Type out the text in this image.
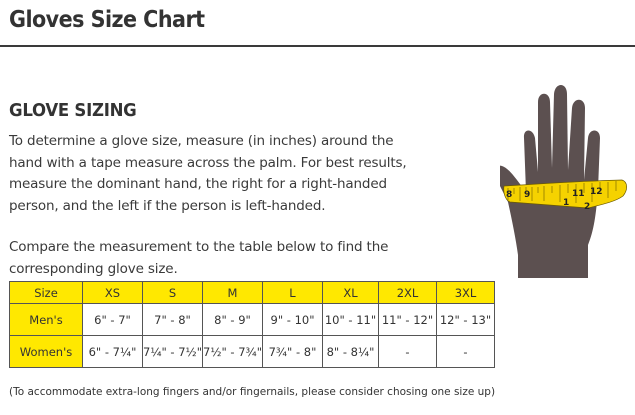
Gloves Size Chart
GLOVE SIZING

To determine a glove size, measure (in inches) around the
hand with a tape measure across the palm. For best results,
measure the dominant hand, the right for a right-handed
person, and the left if the person is left-handed.

Compare the measurement to the table below to find the
corresponding glove size.

8 9	11 12
1 2
Size	XS	S	M	L	XL	2XL	3XL
Men's	6" - 7"	7" - 8"	8" - 9"	9" - 10"	10" - 11"	11" - 12"	12" - 13"
Women's	6" - 7¼"	7¼" - 7½"	7½" - 7¾"	7¾" - 8"	8" - 8¼"	-	-

(To accommodate extra-long fingers and/or fingernails, please consider chosing one size up)
